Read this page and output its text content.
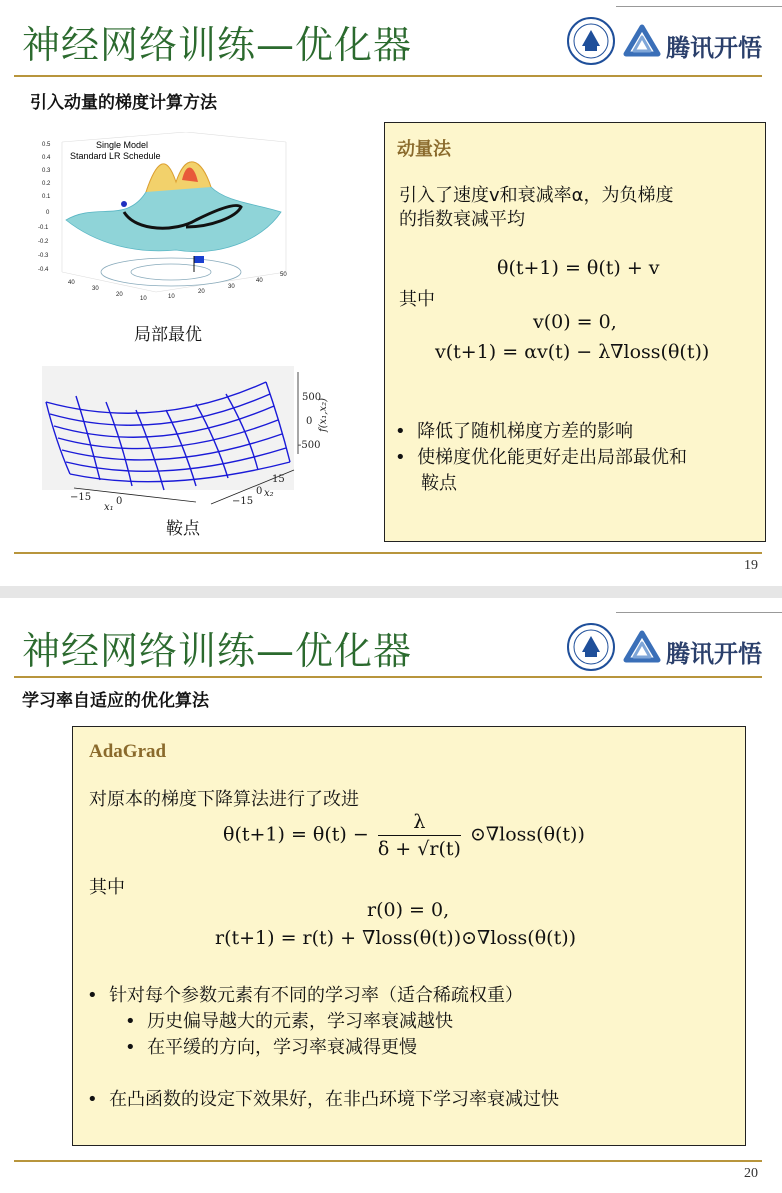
神经网络训练—优化器	腾讯开悟
引入动量的梯度计算方法
Single Model
Standard LR Schedule
0.5
0.4
0.3
0.2
0.1
0
-0.1
-0.2
-0.3
-0.4
40
30
20
10	10
20
30
40
50
局部最优
500
0
-500
f(x₁,x₂)
−15 0
x₁
15
0
−15
x₂
鞍点
动量法
引入了速度v和衰减率α，为负梯度
的指数衰减平均
θ(t+1) = θ(t) + v
其中
v(0) = 0,
v(t+1) = αv(t) − λ∇loss(θ(t))
•  降低了随机梯度方差的影响
•  使梯度优化能更好走出局部最优和
鞍点
19
神经网络训练—优化器	腾讯开悟
学习率自适应的优化算法
AdaGrad
对原本的梯度下降算法进行了改进
$\theta(t+1) = \theta(t) - \frac{\lambda}{\delta + √r(t)}$ ⊙∇loss(θ(t))
其中
r(0) = 0,
r(t+1) = r(t) + ∇loss(θ(t))⊙∇loss(θ(t))
•  针对每个参数元素有不同的学习率（适合稀疏权重）
•  历史偏导越大的元素，学习率衰减越快
•  在平缓的方向，学习率衰减得更慢
•  在凸函数的设定下效果好，在非凸环境下学习率衰减过快
20
